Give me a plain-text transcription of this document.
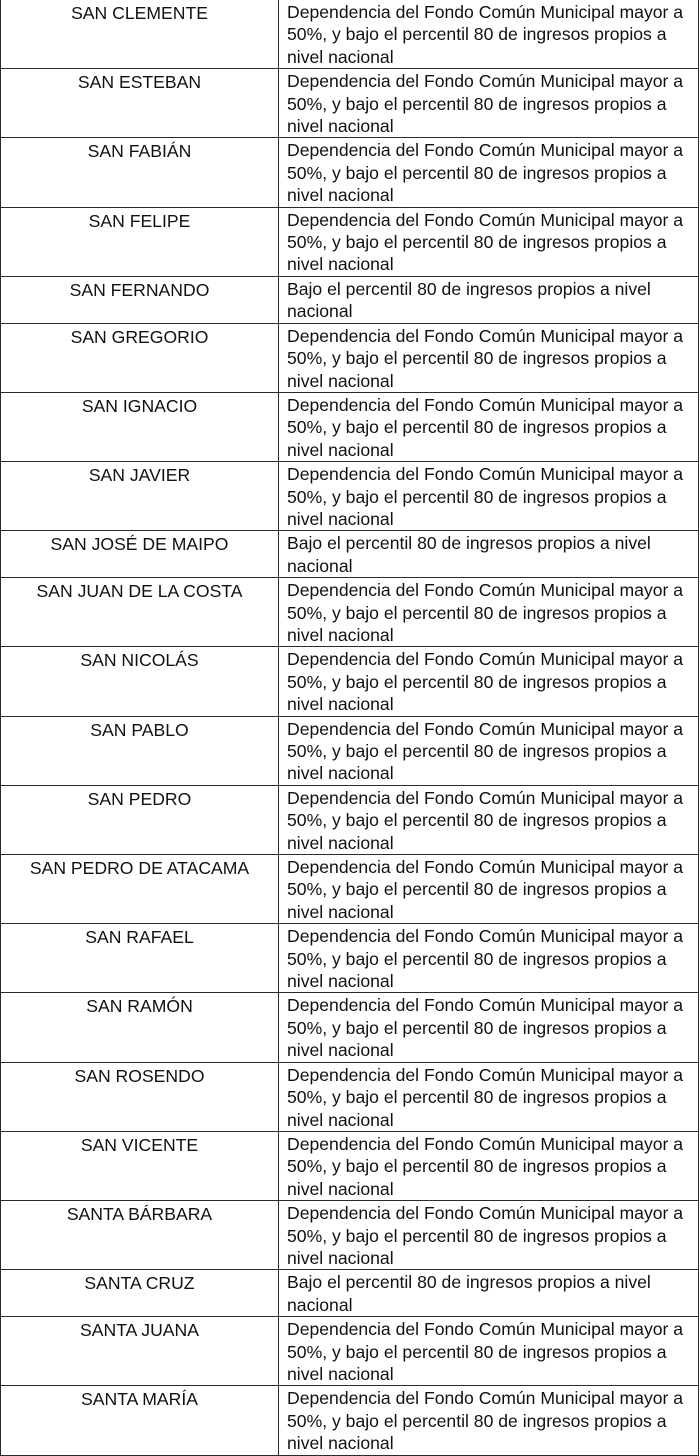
SAN CLEMENTE	Dependencia del Fondo Común Municipal mayor a 50%, y bajo el percentil 80 de ingresos propios a nivel nacional

SAN ESTEBAN	Dependencia del Fondo Común Municipal mayor a 50%, y bajo el percentil 80 de ingresos propios a nivel nacional

SAN FABIÁN	Dependencia del Fondo Común Municipal mayor a 50%, y bajo el percentil 80 de ingresos propios a nivel nacional

SAN FELIPE	Dependencia del Fondo Común Municipal mayor a 50%, y bajo el percentil 80 de ingresos propios a nivel nacional

SAN FERNANDO	Bajo el percentil 80 de ingresos propios a nivel nacional

SAN GREGORIO	Dependencia del Fondo Común Municipal mayor a 50%, y bajo el percentil 80 de ingresos propios a nivel nacional

SAN IGNACIO	Dependencia del Fondo Común Municipal mayor a 50%, y bajo el percentil 80 de ingresos propios a nivel nacional

SAN JAVIER	Dependencia del Fondo Común Municipal mayor a 50%, y bajo el percentil 80 de ingresos propios a nivel nacional

SAN JOSÉ DE MAIPO	Bajo el percentil 80 de ingresos propios a nivel nacional

SAN JUAN DE LA COSTA	Dependencia del Fondo Común Municipal mayor a 50%, y bajo el percentil 80 de ingresos propios a nivel nacional

SAN NICOLÁS	Dependencia del Fondo Común Municipal mayor a 50%, y bajo el percentil 80 de ingresos propios a nivel nacional

SAN PABLO	Dependencia del Fondo Común Municipal mayor a 50%, y bajo el percentil 80 de ingresos propios a nivel nacional

SAN PEDRO	Dependencia del Fondo Común Municipal mayor a 50%, y bajo el percentil 80 de ingresos propios a nivel nacional

SAN PEDRO DE ATACAMA	Dependencia del Fondo Común Municipal mayor a 50%, y bajo el percentil 80 de ingresos propios a nivel nacional

SAN RAFAEL	Dependencia del Fondo Común Municipal mayor a 50%, y bajo el percentil 80 de ingresos propios a nivel nacional

SAN RAMÓN	Dependencia del Fondo Común Municipal mayor a 50%, y bajo el percentil 80 de ingresos propios a nivel nacional

SAN ROSENDO	Dependencia del Fondo Común Municipal mayor a 50%, y bajo el percentil 80 de ingresos propios a nivel nacional

SAN VICENTE	Dependencia del Fondo Común Municipal mayor a 50%, y bajo el percentil 80 de ingresos propios a nivel nacional

SANTA BÁRBARA	Dependencia del Fondo Común Municipal mayor a 50%, y bajo el percentil 80 de ingresos propios a nivel nacional

SANTA CRUZ	Bajo el percentil 80 de ingresos propios a nivel nacional

SANTA JUANA	Dependencia del Fondo Común Municipal mayor a 50%, y bajo el percentil 80 de ingresos propios a nivel nacional

SANTA MARÍA	Dependencia del Fondo Común Municipal mayor a 50%, y bajo el percentil 80 de ingresos propios a nivel nacional
